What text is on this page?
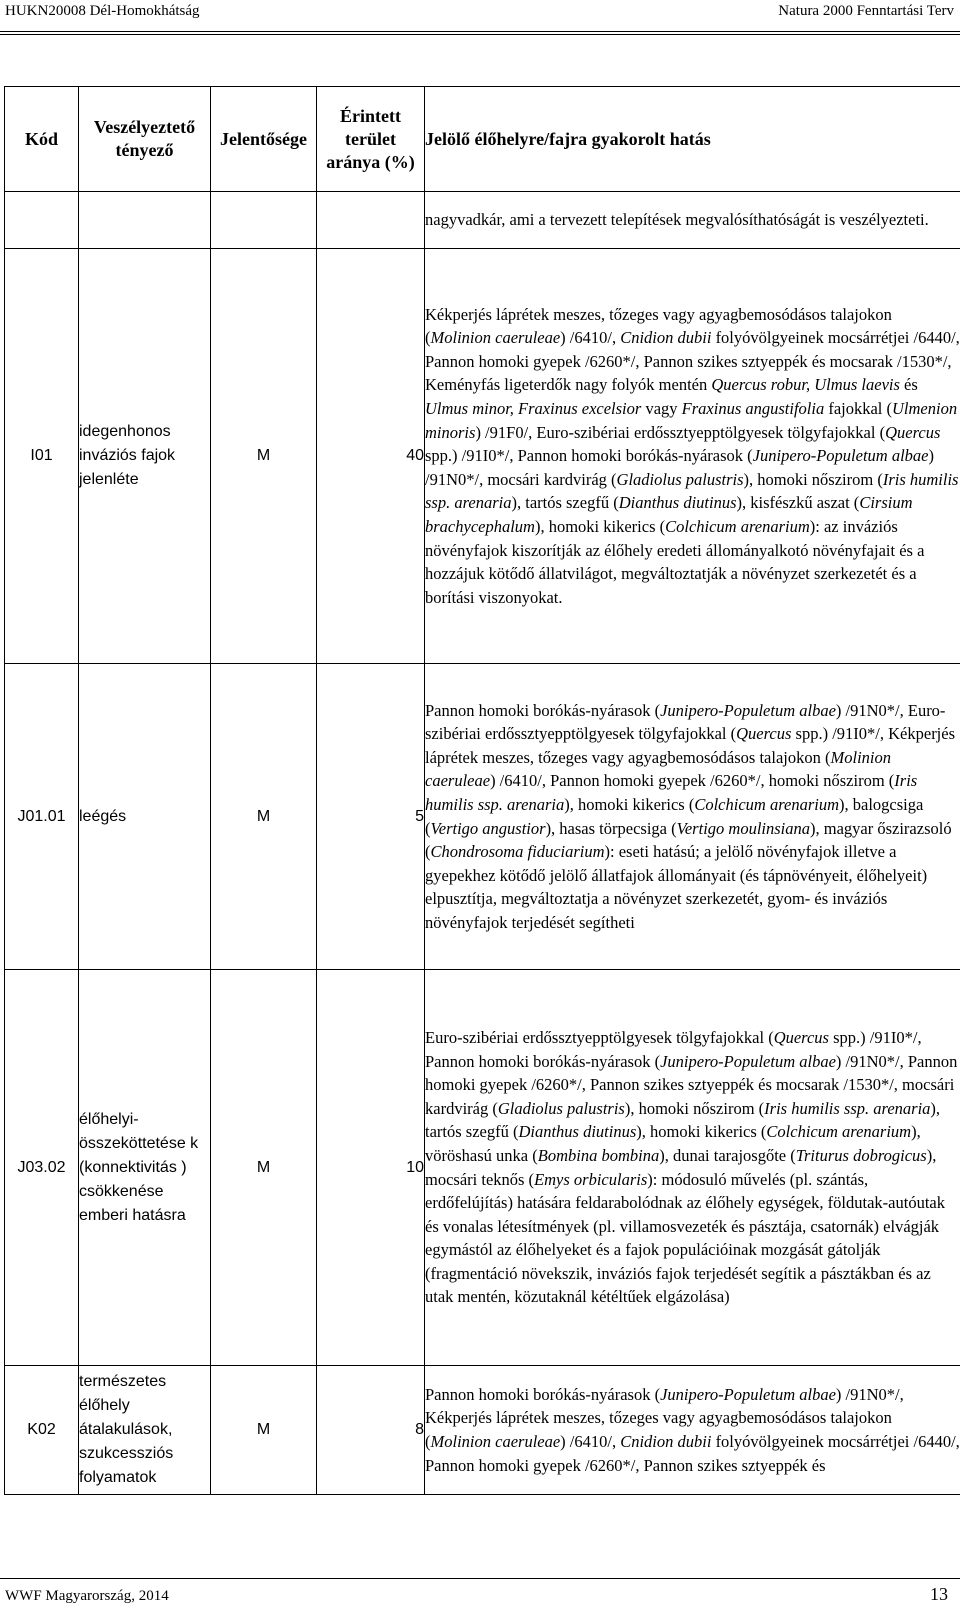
HUKN20008 Dél-Homokhátság	Natura 2000 Fenntartási Terv
Kód	Veszélyeztető tényező	Jelentősége	Érintett terület aránya (%)	Jelölő élőhelyre/fajra gyakorolt hatás
				nagyvadkár, ami a tervezett telepítések megvalósíthatóságát is veszélyezteti.
I01	idegenhonos inváziós fajok jelenléte	M	40	Kékperjés láprétek meszes, tőzeges vagy agyagbemosódásos talajokon (Molinion caeruleae) /6410/, Cnidion dubii folyóvölgyeinek mocsárrétjei /6440/, Pannon homoki gyepek /6260*/, Pannon szikes sztyeppék és mocsarak /1530*/, Keményfás ligeterdők nagy folyók mentén Quercus robur, Ulmus laevis és Ulmus minor, Fraxinus excelsior vagy Fraxinus angustifolia fajokkal (Ulmenion minoris) /91F0/, Euro-szibériai erdőssztyepptölgyesek tölgyfajokkal (Quercus spp.) /91I0*/, Pannon homoki borókás-nyárasok (Junipero-Populetum albae) /91N0*/, mocsári kardvirág (Gladiolus palustris), homoki nőszirom (Iris humilis ssp. arenaria), tartós szegfű (Dianthus diutinus), kisfészkű aszat (Cirsium brachycephalum), homoki kikerics (Colchicum arenarium): az inváziós növényfajok kiszorítják az élőhely eredeti állományalkotó növényfajait és a hozzájuk kötődő állatvilágot, megváltoztatják a növényzet szerkezetét és a borítási viszonyokat.
J01.01	leégés	M	5	Pannon homoki borókás-nyárasok (Junipero-Populetum albae) /91N0*/, Euro-szibériai erdőssztyepptölgyesek tölgyfajokkal (Quercus spp.) /91I0*/, Kékperjés láprétek meszes, tőzeges vagy agyagbemosódásos talajokon (Molinion caeruleae) /6410/, Pannon homoki gyepek /6260*/, homoki nőszirom (Iris humilis ssp. arenaria), homoki kikerics (Colchicum arenarium), balogcsiga (Vertigo angustior), hasas törpecsiga (Vertigo moulinsiana), magyar őszirazsoló (Chondrosoma fiduciarium): eseti hatású; a jelölő növényfajok illetve a gyepekhez kötődő jelölő állatfajok állományait (és tápnövényeit, élőhelyeit) elpusztítja, megváltoztatja a növényzet szerkezetét, gyom- és inváziós növényfajok terjedését segítheti
J03.02	élőhelyi-összeköttetése k (konnektivitás ) csökkenése emberi hatásra	M	10	Euro-szibériai erdőssztyepptölgyesek tölgyfajokkal (Quercus spp.) /91I0*/, Pannon homoki borókás-nyárasok (Junipero-Populetum albae) /91N0*/, Pannon homoki gyepek /6260*/, Pannon szikes sztyeppék és mocsarak /1530*/, mocsári kardvirág (Gladiolus palustris), homoki nőszirom (Iris humilis ssp. arenaria), tartós szegfű (Dianthus diutinus), homoki kikerics (Colchicum arenarium), vöröshasú unka (Bombina bombina), dunai tarajosgőte (Triturus dobrogicus), mocsári teknős (Emys orbicularis): módosuló művelés (pl. szántás, erdőfelújítás) hatására feldarabolódnak az élőhely egységek, földutak-autóutak és vonalas létesítmények (pl. villamosvezeték és pásztája, csatornák) elvágják egymástól az élőhelyeket és a fajok populációinak mozgását gátolják (fragmentáció növekszik, inváziós fajok terjedését segítik a pásztákban és az utak mentén, közutaknál kétéltűek elgázolása)
K02	természetes élőhely átalakulások, szukcessziós folyamatok	M	8	Pannon homoki borókás-nyárasok (Junipero-Populetum albae) /91N0*/, Kékperjés láprétek meszes, tőzeges vagy agyagbemosódásos talajokon (Molinion caeruleae) /6410/, Cnidion dubii folyóvölgyeinek mocsárrétjei /6440/, Pannon homoki gyepek /6260*/, Pannon szikes sztyeppék és
WWF Magyarország, 2014	13
